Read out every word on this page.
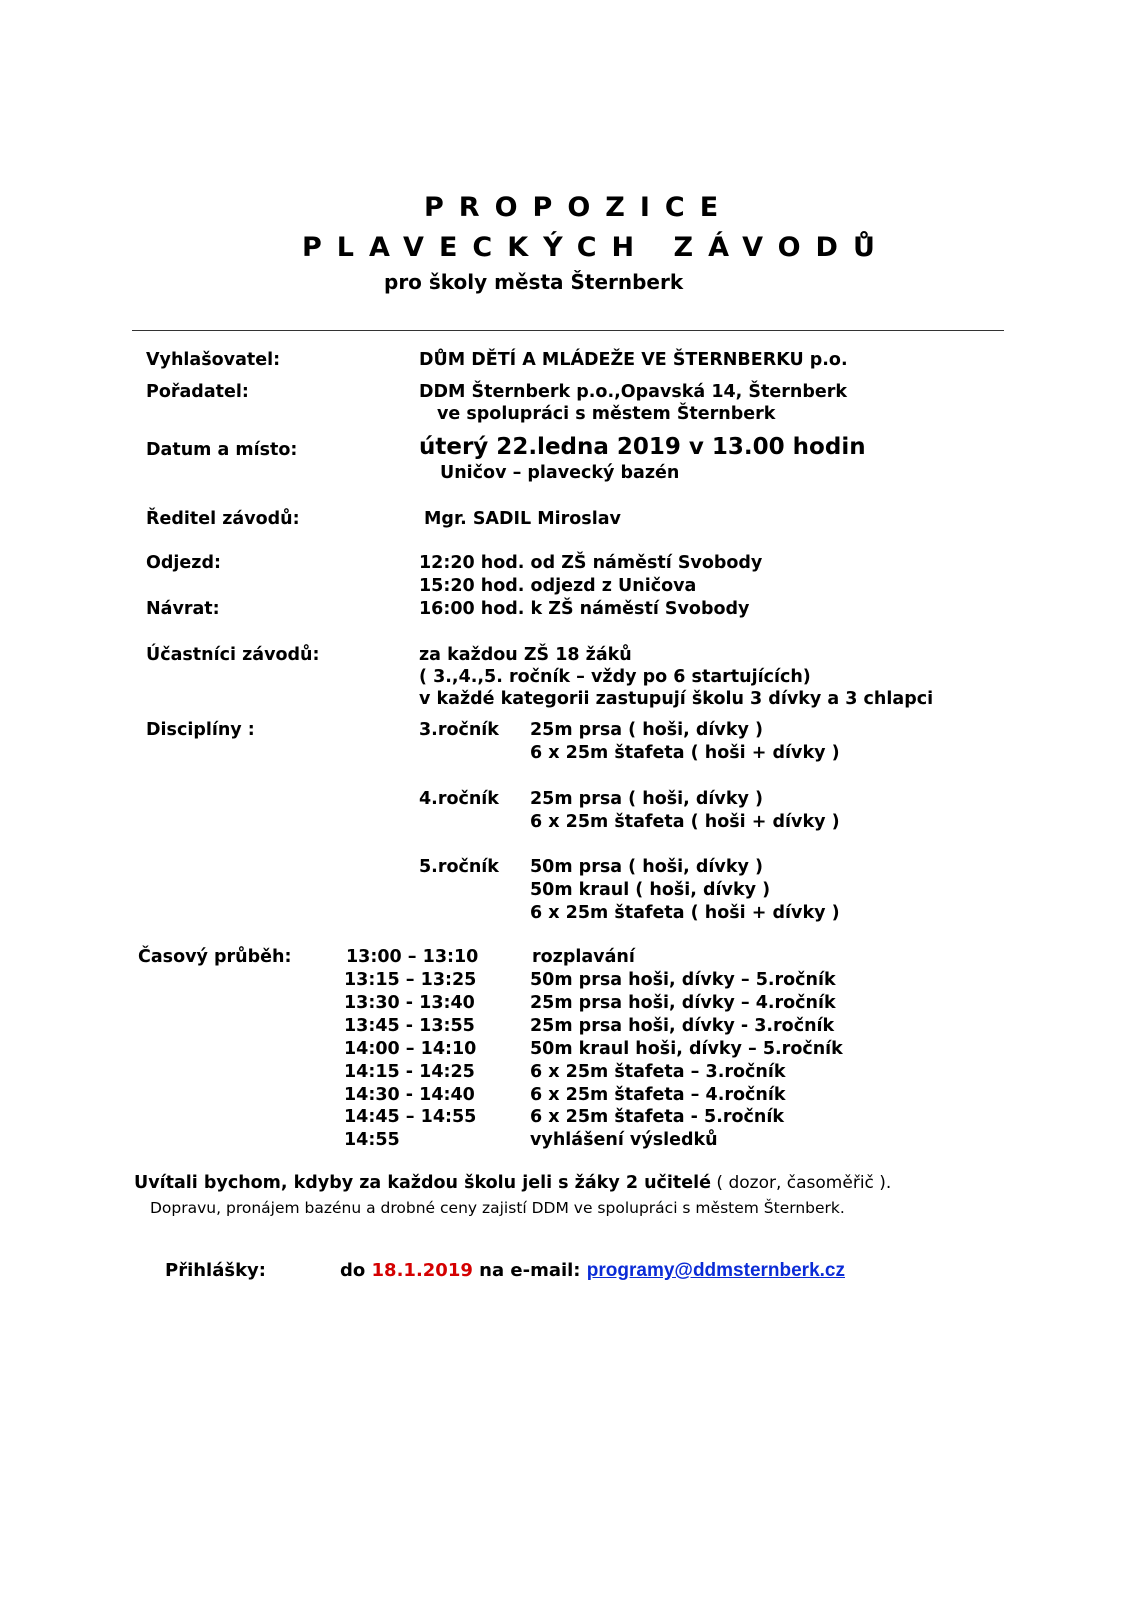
PROPOZICE
PLAVECKÝCH ZÁVODŮ
pro školy města Šternberk
Vyhlašovatel:	DŮM DĚTÍ A MLÁDEŽE VE ŠTERNBERKU p.o.
Pořadatel:	DDM Šternberk p.o.,Opavská 14, Šternberk
ve spolupráci s městem Šternberk
Datum a místo:	úterý 22.ledna 2019 v 13.00 hodin
Uničov – plavecký bazén
Ředitel závodů:	Mgr. SADIL Miroslav
Odjezd:	12:20 hod. od ZŠ náměstí Svobody
15:20 hod. odjezd z Uničova
Návrat:	16:00 hod. k ZŠ náměstí Svobody
Účastníci závodů:	za každou ZŠ 18 žáků
( 3.,4.,5. ročník – vždy po 6 startujících)
v každé kategorii zastupují školu 3 dívky a 3 chlapci
Disciplíny :	3.ročník 25m prsa ( hoši, dívky )
6 x 25m štafeta ( hoši + dívky )
4.ročník 25m prsa ( hoši, dívky )
6 x 25m štafeta ( hoši + dívky )
5.ročník 50m prsa ( hoši, dívky )
50m kraul ( hoši, dívky )
6 x 25m štafeta ( hoši + dívky )
Časový průběh:	13:00 – 13:10	rozplavání
13:15 – 13:25	50m prsa hoši, dívky – 5.ročník
13:30 - 13:40	25m prsa hoši, dívky – 4.ročník
13:45 - 13:55	25m prsa hoši, dívky - 3.ročník
14:00 – 14:10	50m kraul hoši, dívky – 5.ročník
14:15 - 14:25	6 x 25m štafeta – 3.ročník
14:30 - 14:40	6 x 25m štafeta – 4.ročník
14:45 – 14:55	6 x 25m štafeta - 5.ročník
14:55	vyhlášení výsledků
Uvítali bychom, kdyby za každou školu jeli s žáky 2 učitelé ( dozor, časoměřič ).
Dopravu, pronájem bazénu a drobné ceny zajistí DDM ve spolupráci s městem Šternberk.
Přihlášky:	do 18.1.2019 na e-mail: programy@ddmsternberk.cz
